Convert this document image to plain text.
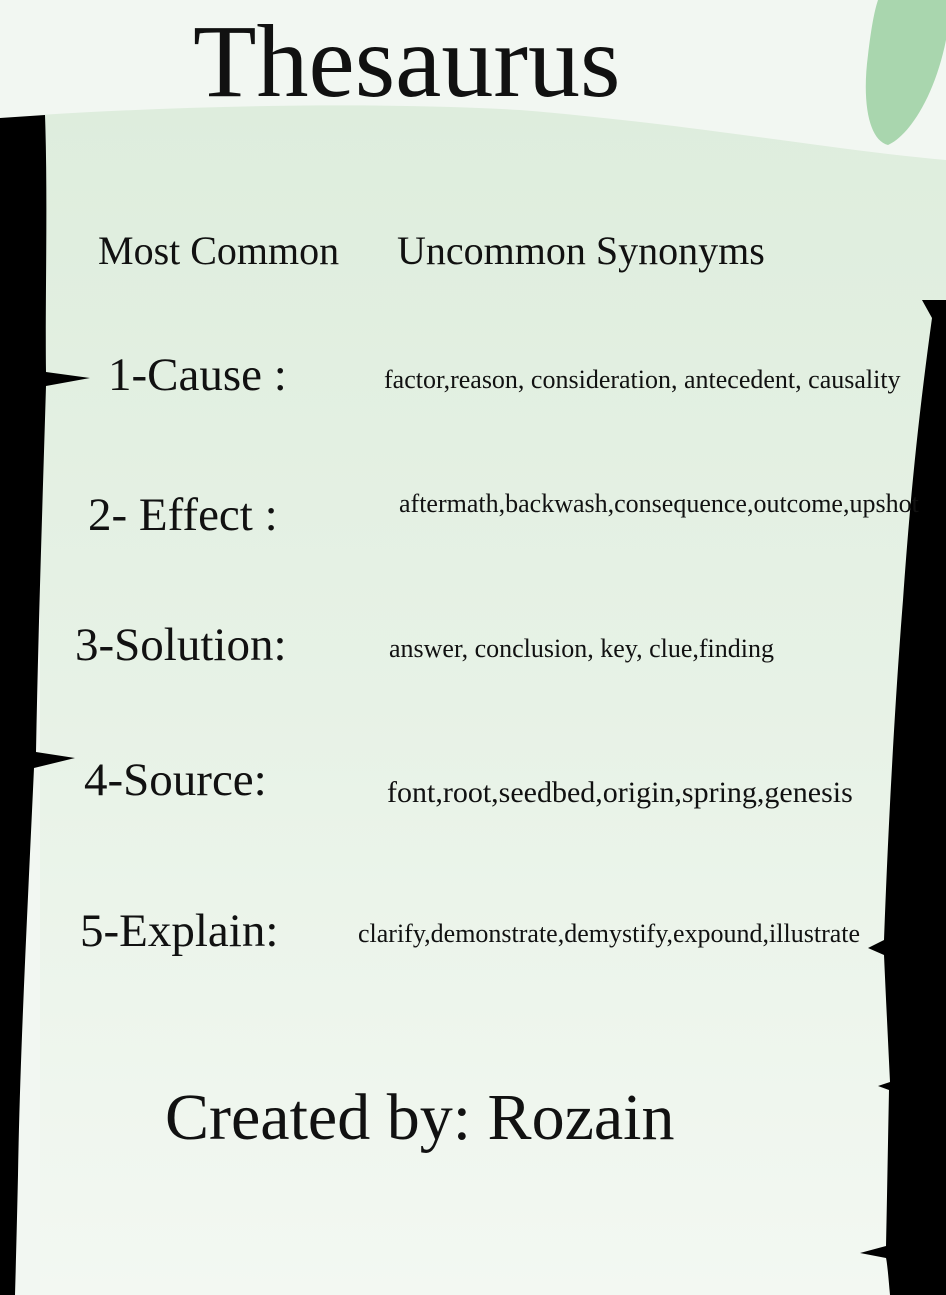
Thesaurus
Most Common Uncommon Synonyms
1-Cause :	factor,reason, consideration, antecedent, causality
2- Effect :	aftermath,backwash,consequence,outcome,upshot
3-Solution:	answer, conclusion, key, clue,finding
4-Source:	font,root,seedbed,origin,spring,genesis
5-Explain:	clarify,demonstrate,demystify,expound,illustrate
Created by: Rozain
